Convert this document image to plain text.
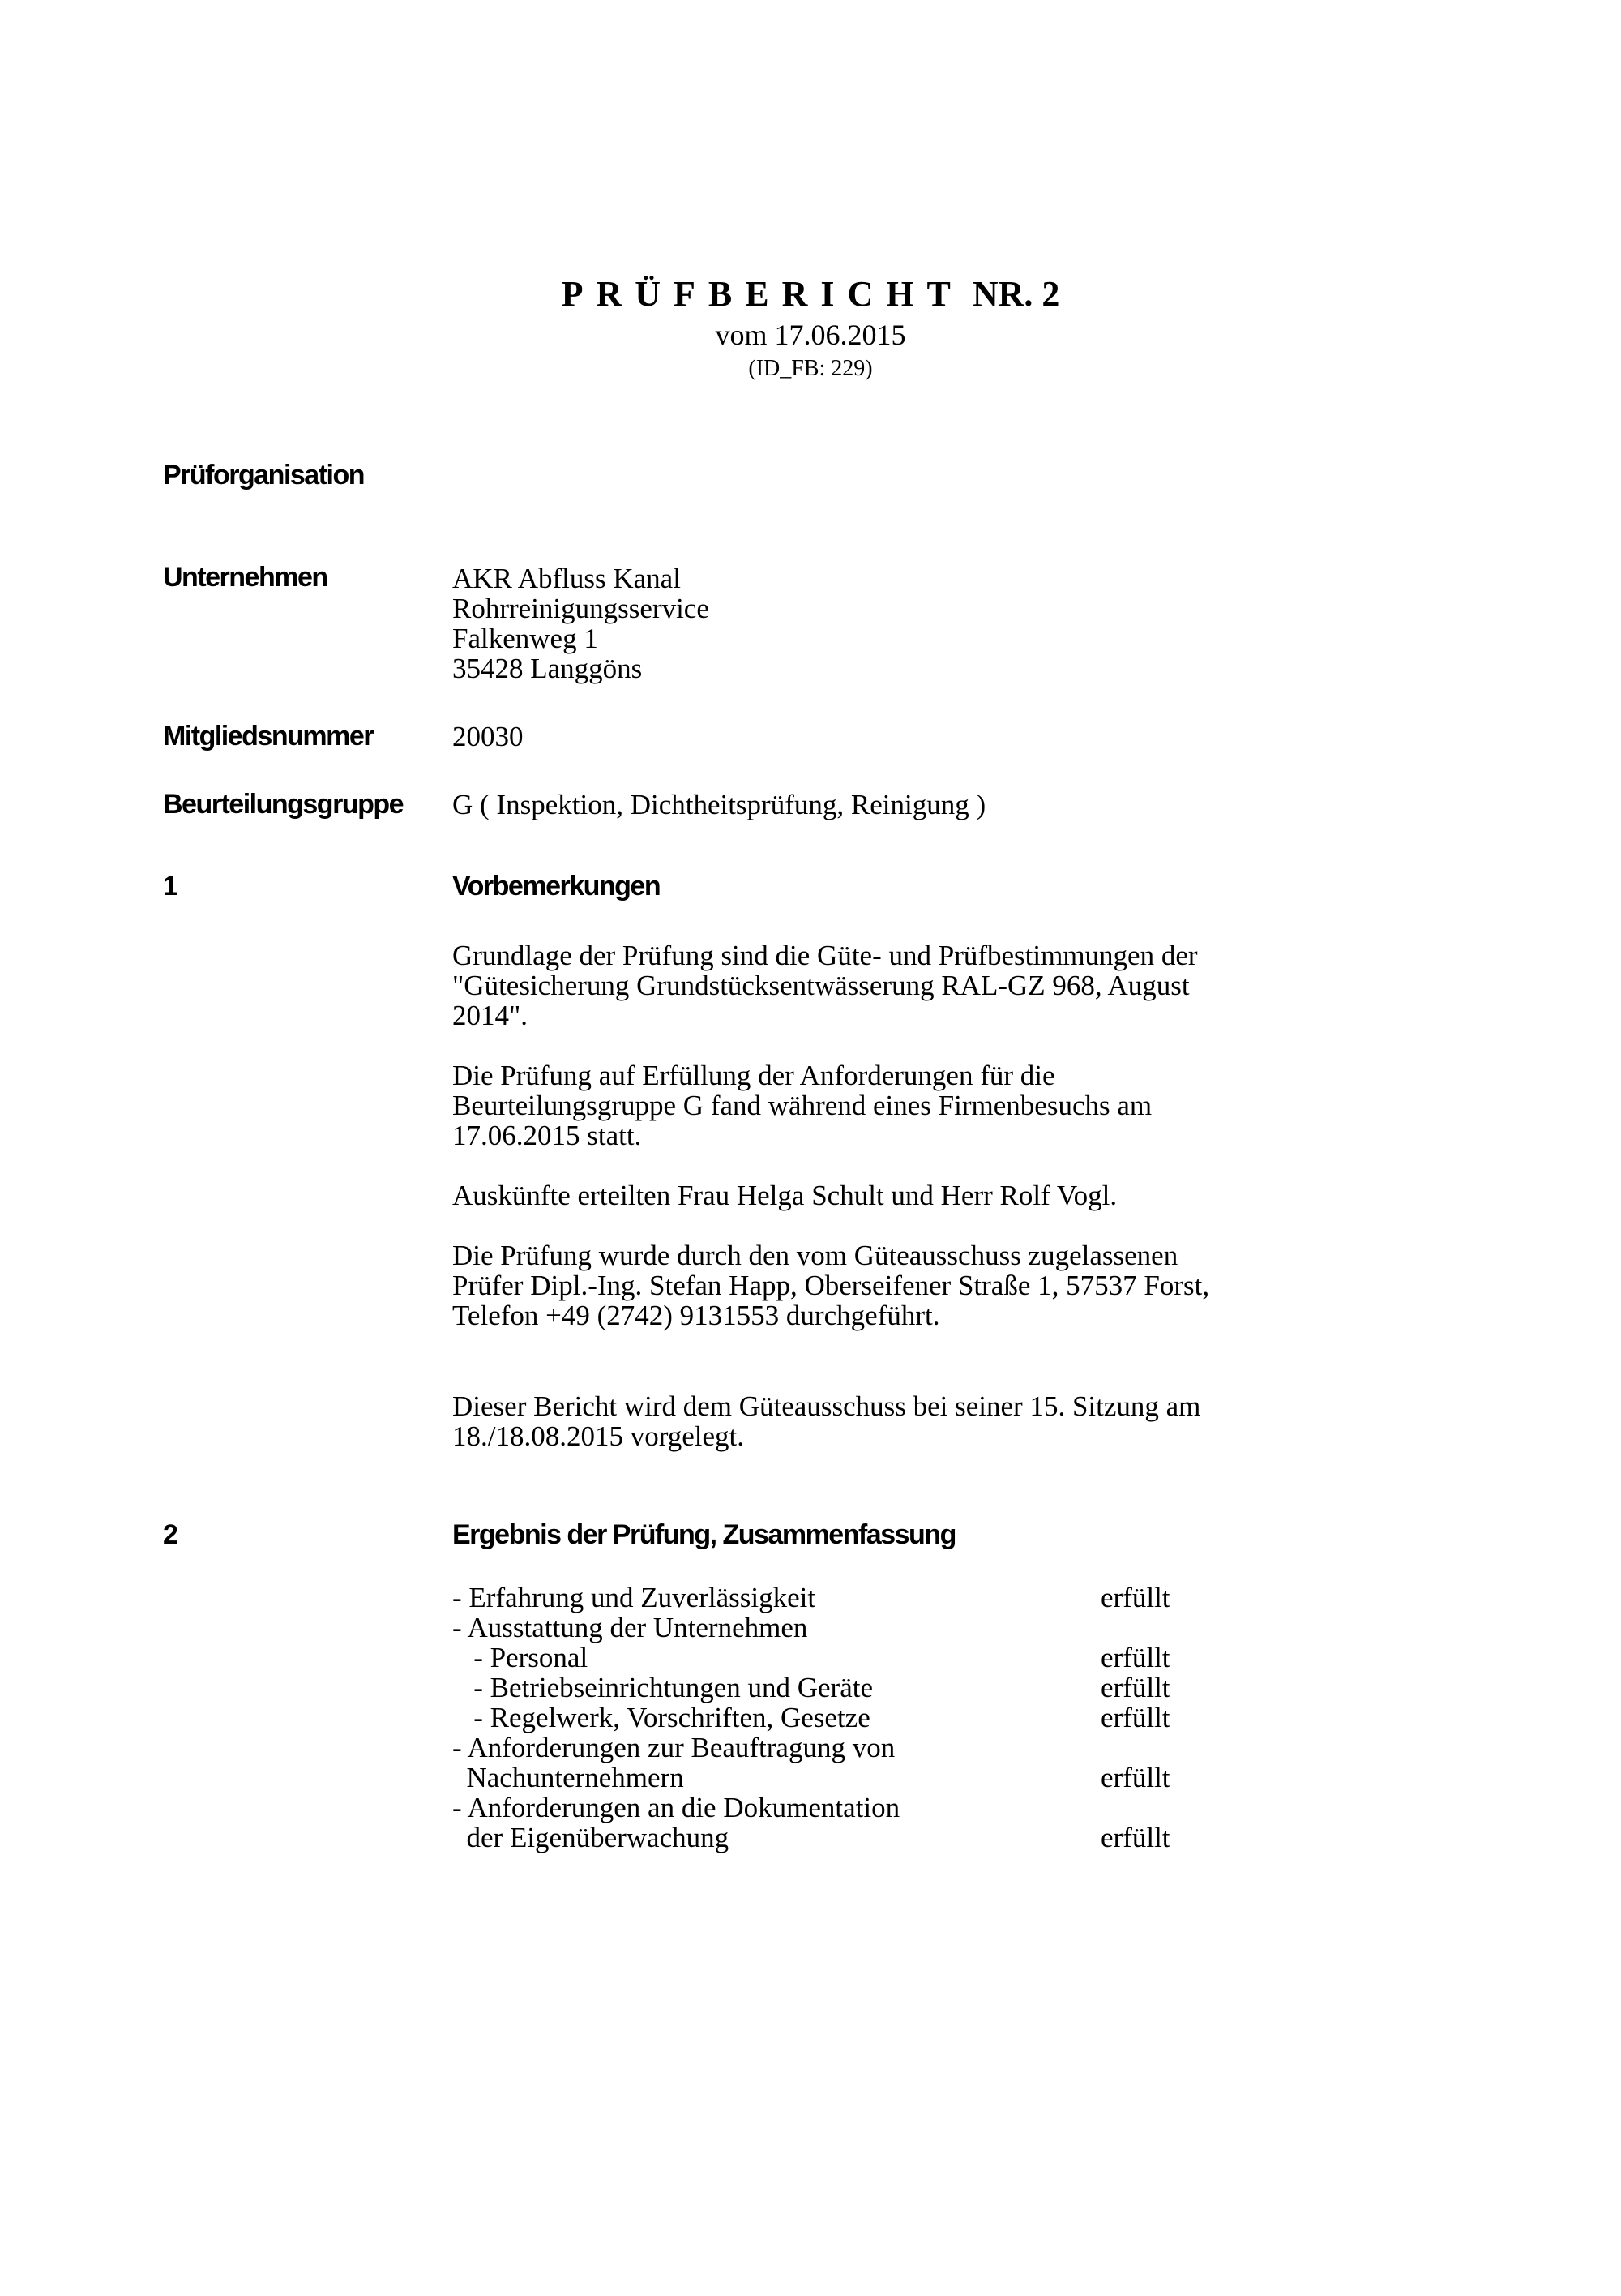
PRÜFBERICHT NR. 2
vom 17.06.2015
(ID_FB: 229)
Prüforganisation
Unternehmen	AKR Abfluss Kanal
Rohrreinigungsservice
Falkenweg 1
35428 Langgöns
Mitgliedsnummer	20030
Beurteilungsgruppe G ( Inspektion, Dichtheitsprüfung, Reinigung )
1	Vorbemerkungen
Grundlage der Prüfung sind die Güte- und Prüfbestimmungen der
"Gütesicherung Grundstücksentwässerung RAL-GZ 968, August
2014".
Die Prüfung auf Erfüllung der Anforderungen für die
Beurteilungsgruppe G fand während eines Firmenbesuchs am
17.06.2015 statt.
Auskünfte erteilten Frau Helga Schult und Herr Rolf Vogl.
Die Prüfung wurde durch den vom Güteausschuss zugelassenen
Prüfer Dipl.-Ing. Stefan Happ, Oberseifener Straße 1, 57537 Forst,
Telefon +49 (2742) 9131553 durchgeführt.
Dieser Bericht wird dem Güteausschuss bei seiner 15. Sitzung am
18./18.08.2015 vorgelegt.
2	Ergebnis der Prüfung, Zusammenfassung
- Erfahrung und Zuverlässigkeit	erfüllt
- Ausstattung der Unternehmen
- Personal	erfüllt
- Betriebseinrichtungen und Geräte	erfüllt
- Regelwerk, Vorschriften, Gesetze	erfüllt
- Anforderungen zur Beauftragung von
Nachunternehmern	erfüllt
- Anforderungen an die Dokumentation
der Eigenüberwachung	erfüllt
